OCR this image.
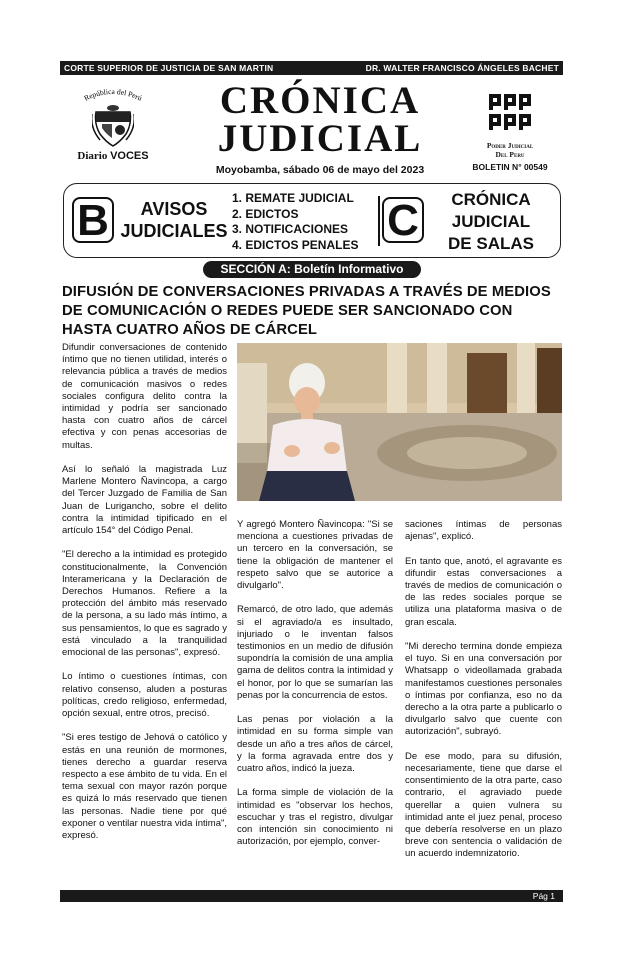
CORTE SUPERIOR DE JUSTICIA DE SAN MARTIN	DR. WALTER FRANCISCO ÁNGELES BACHET
República del Perú
Diario VOCES
CRÓNICA
JUDICIAL
Moyobamba, sábado 06 de mayo del 2023
Poder Judicial
Del Peru
BOLETIN N° 00549
B	AVISOS
JUDICIALES
1. REMATE JUDICIAL
2. EDICTOS
3. NOTIFICACIONES
4. EDICTOS PENALES C	CRÓNICA
JUDICIAL
DE SALAS
SECCIÓN A: Boletín Informativo
DIFUSIÓN DE CONVERSACIONES PRIVADAS A TRAVÉS DE MEDIOS DE COMUNICACIÓN O REDES PUEDE SER SANCIONADO CON HASTA CUATRO AÑOS DE CÁRCEL

Difundir conversaciones de contenido íntimo que no tienen utilidad, interés o relevancia pública a través de medios de comunicación masivos o redes sociales configura delito contra la intimidad y podría ser sancionado hasta con cuatro años de cárcel efectiva y con penas accesorias de multas.

Así lo señaló la magistrada Luz Marlene Montero Ñavincopa, a cargo del Tercer Juzgado de Familia de San Juan de Lurigancho, sobre el delito contra la intimidad tipificado en el artículo 154° del Código Penal.

"El derecho a la intimidad es protegido constitucionalmente, la Convención Interamericana y la Declaración de Derechos Humanos. Refiere a la protección del ámbito más reservado de la persona, a su lado más íntimo, a sus pensamientos, lo que es sagrado y está vinculado a la tranquilidad emocional de las personas", expresó.

Lo íntimo o cuestiones íntimas, con relativo consenso, aluden a posturas políticas, credo religioso, enfermedad, opción sexual, entre otros, precisó.

"Si eres testigo de Jehová o católico y estás en una reunión de mormones, tienes derecho a guardar reserva respecto a ese ámbito de tu vida. En el tema sexual con mayor razón porque es quizá lo más reservado que tienen las personas. Nadie tiene por qué exponer o ventilar nuestra vida íntima", expresó.

Y agregó Montero Ñavincopa: "Si se menciona a cuestiones privadas de un tercero en la conversación, se tiene la obligación de mantener el respeto salvo que se autorice a divulgarlo".

Remarcó, de otro lado, que además si el agraviado/a es insultado, injuriado o le inventan falsos testimonios en un medio de difusión supondría la comisión de una amplia gama de delitos contra la intimidad y el honor, por lo que se sumarían las penas por la concurrencia de estos.

Las penas por violación a la intimidad en su forma simple van desde un año a tres años de cárcel, y la forma agravada entre dos y cuatro años, indicó la jueza.

La forma simple de violación de la intimidad es "observar los hechos, escuchar y tras el registro, divulgar con intención sin conocimiento ni autorización, por ejemplo, conver-

saciones íntimas de personas ajenas", explicó.

En tanto que, anotó, el agravante es difundir estas conversaciones a través de medios de comunicación o de las redes sociales porque se utiliza una plataforma masiva o de gran escala.

"Mi derecho termina donde empieza el tuyo. Si en una conversación por Whatsapp o videollamada grabada manifestamos cuestiones personales o íntimas por confianza, eso no da derecho a la otra parte a publicarlo o divulgarlo salvo que cuente con autorización", subrayó.

De ese modo, para su difusión, necesariamente, tiene que darse el consentimiento de la otra parte, caso contrario, el agraviado puede querellar a quien vulnera su intimidad ante el juez penal, proceso que debería resolverse en un plazo breve con sentencia o validación de un acuerdo indemnizatorio.

Pág 1
